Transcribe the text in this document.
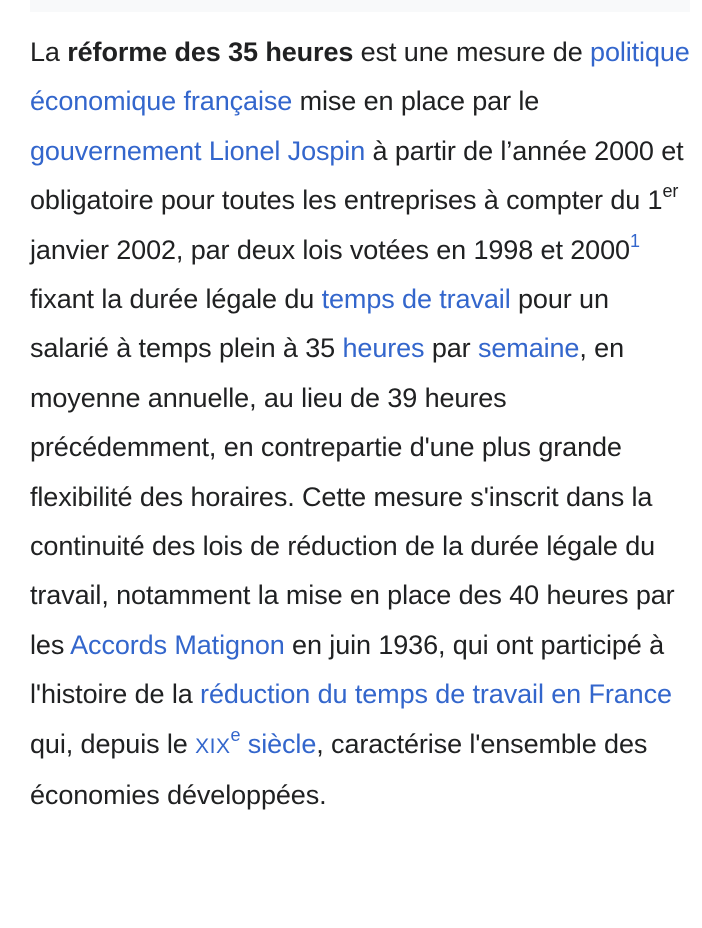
La réforme des 35 heures est une mesure de politique économique française mise en place par le gouvernement Lionel Jospin à partir de l’année 2000 et obligatoire pour toutes les entreprises à compter du 1er janvier 2002, par deux lois votées en 1998 et 2000$^1$ fixant la durée légale du temps de travail pour un salarié à temps plein à 35 heures par semaine, en moyenne annuelle, au lieu de 39 heures précédemment, en contrepartie d'une plus grande flexibilité des horaires. Cette mesure s'inscrit dans la continuité des lois de réduction de la durée légale du travail, notamment la mise en place des 40 heures par les Accords Matignon en juin 1936, qui ont participé à l'histoire de la réduction du temps de travail en France qui, depuis le XIXe siècle, caractérise l'ensemble des économies développées.
